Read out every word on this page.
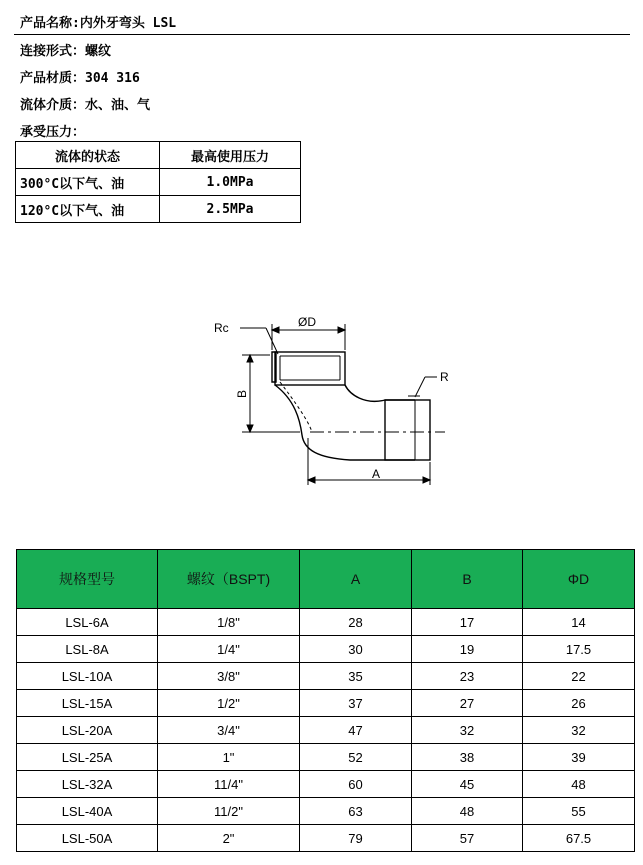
产品名称:内外牙弯头 LSL
连接形式：螺纹
产品材质：304 316
流体介质：水、油、气
承受压力：
流体的状态	最高使用压力
300°C以下气、油	1.0MPa
120°C以下气、油	2.5MPa
Rc	ØD
B
R
A
规格型号	螺纹（BSPT)	A	B	ΦD
LSL-6A	1/8"	28	17	14
LSL-8A	1/4"	30	19	17.5
LSL-10A	3/8"	35	23	22
LSL-15A	1/2"	37	27	26
LSL-20A	3/4"	47	32	32
LSL-25A	1"	52	38	39
LSL-32A	11/4"	60	45	48
LSL-40A	11/2"	63	48	55
LSL-50A	2"	79	57	67.5
